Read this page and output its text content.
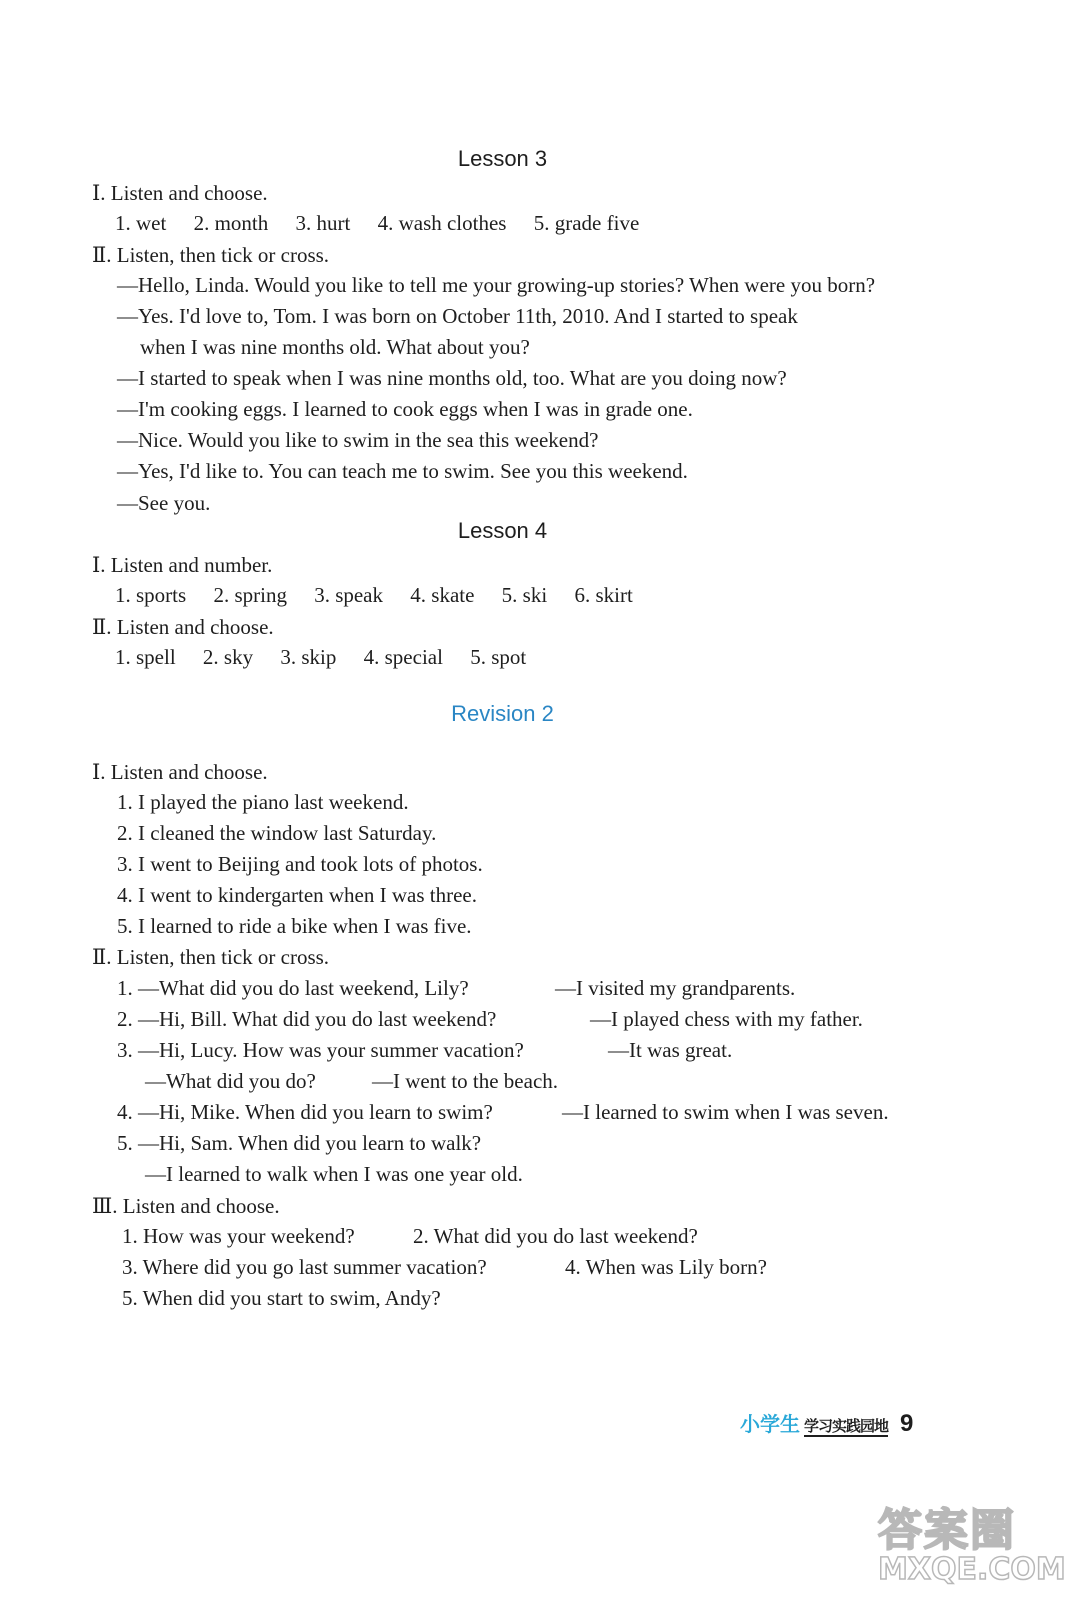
Lesson 3
Ⅰ. Listen and choose.
1. wet 2. month 3. hurt 4. wash clothes 5. grade five
Ⅱ. Listen, then tick or cross.
—Hello, Linda. Would you like to tell me your growing-up stories? When were you born?
—Yes. I'd love to, Tom. I was born on October 11th, 2010. And I started to speak
when I was nine months old. What about you?
—I started to speak when I was nine months old, too. What are you doing now?
—I'm cooking eggs. I learned to cook eggs when I was in grade one.
—Nice. Would you like to swim in the sea this weekend?
—Yes, I'd like to. You can teach me to swim. See you this weekend.
—See you.
Lesson 4
Ⅰ. Listen and number.
1. sports 2. spring 3. speak 4. skate 5. ski 6. skirt
Ⅱ. Listen and choose.
1. spell 2. sky 3. skip 4. special 5. spot
Revision 2
Ⅰ. Listen and choose.
1. I played the piano last weekend.
2. I cleaned the window last Saturday.
3. I went to Beijing and took lots of photos.
4. I went to kindergarten when I was three.
5. I learned to ride a bike when I was five.
Ⅱ. Listen, then tick or cross.
1. —What did you do last weekend, Lily?	—I visited my grandparents.
2. —Hi, Bill. What did you do last weekend?	—I played chess with my father.
3. —Hi, Lucy. How was your summer vacation?	—It was great.
—What did you do?	—I went to the beach.
4. —Hi, Mike. When did you learn to swim?	—I learned to swim when I was seven.
5. —Hi, Sam. When did you learn to walk?
—I learned to walk when I was one year old.
Ⅲ. Listen and choose.
1. How was your weekend?	2. What did you do last weekend?
3. Where did you go last summer vacation?	4. When was Lily born?
5. When did you start to swim, Andy?
小学生 学习实践园地 9
答案圈
MXQE.COM
